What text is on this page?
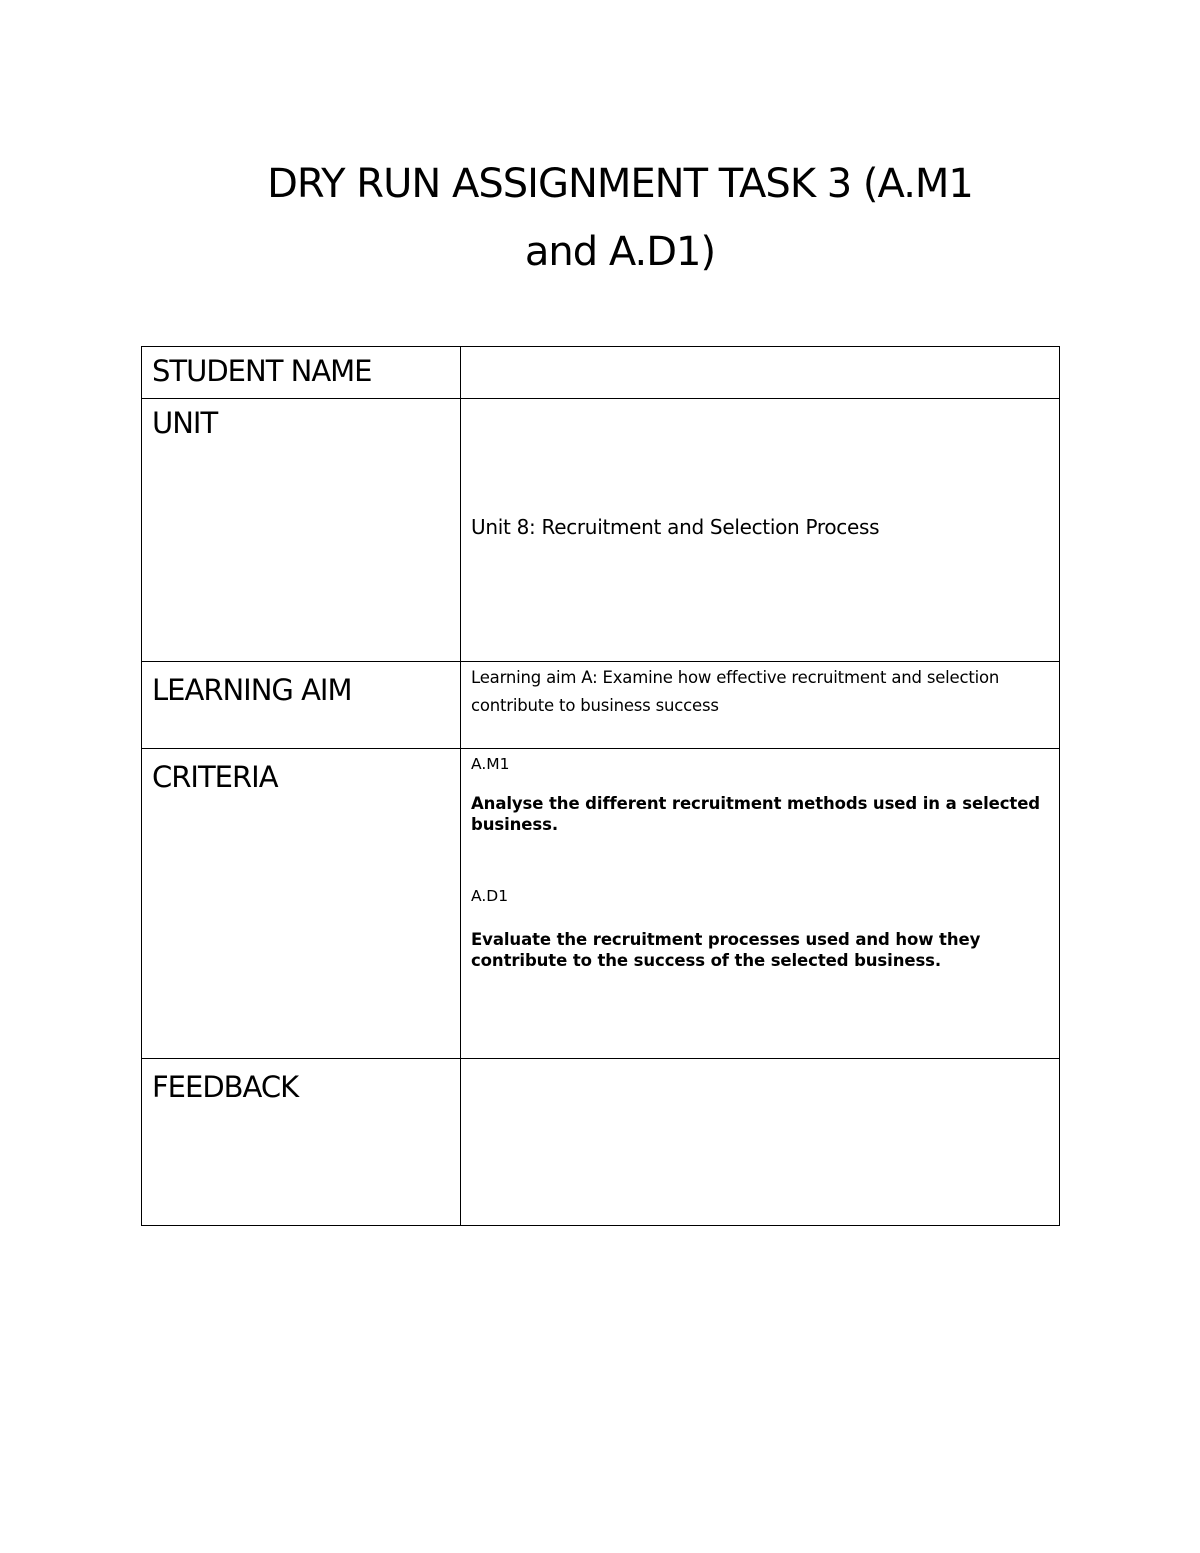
DRY RUN ASSIGNMENT TASK 3 (A.M1
and A.D1)
STUDENT NAME	
UNIT	Unit 8: Recruitment and Selection Process

LEARNING AIM	Learning aim A: Examine how effective recruitment and selection contribute to business success

CRITERIA	A.M1
Analyse the different recruitment methods used in a selected business.
A.D1
Evaluate the recruitment processes used and how they contribute to the success of the selected business.

FEEDBACK	
